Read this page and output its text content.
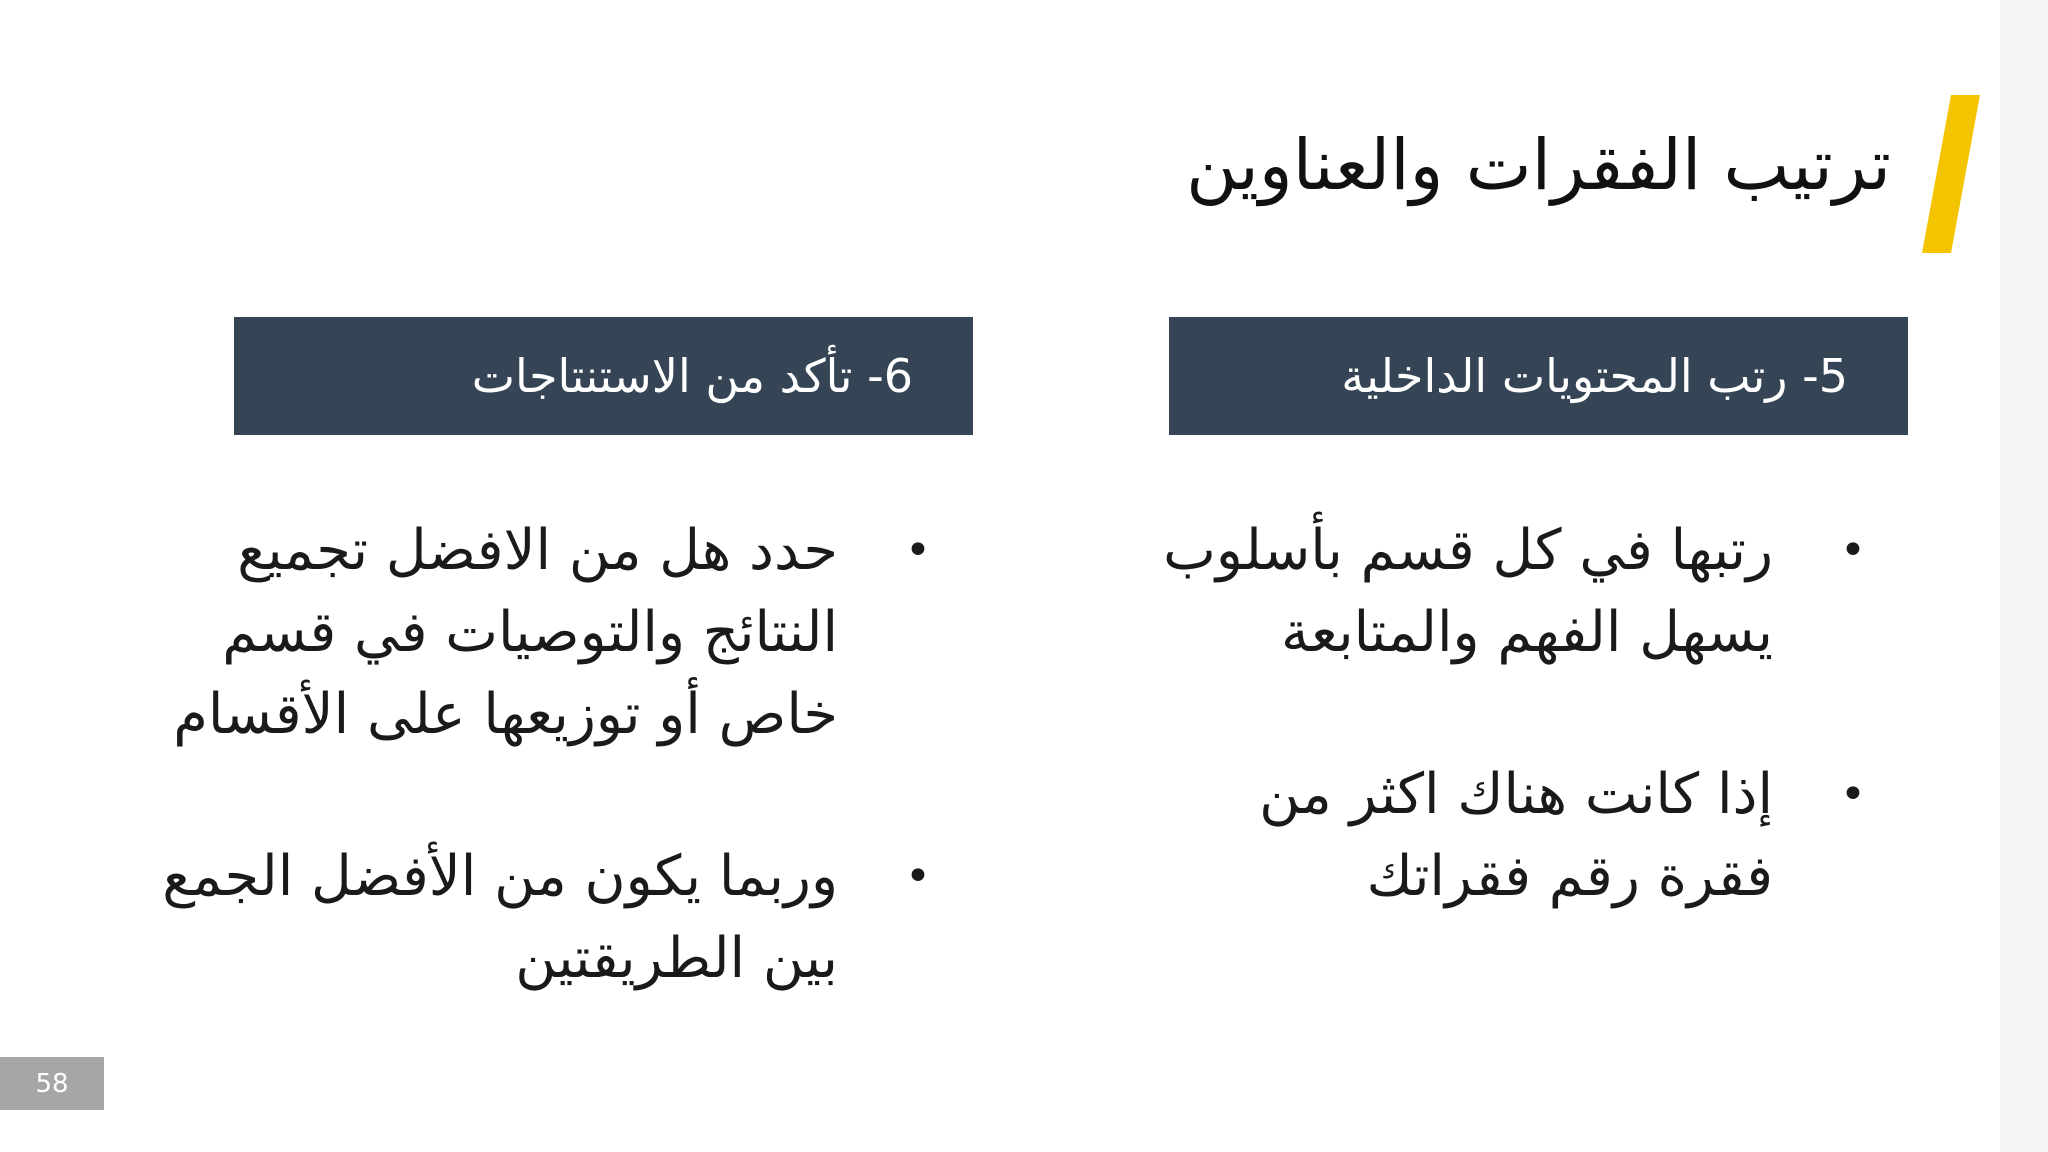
ترتيب الفقرات والعناوين
5- رتب المحتويات الداخلية
6- تأكد من الاستنتاجات
•
رتبها في كل قسم بأسلوب يسهل الفهم والمتابعة
•
إذا كانت هناك اكثر من فقرة رقم فقراتك
•
حدد هل من الافضل تجميع النتائج والتوصيات في قسم خاص أو توزيعها على الأقسام
•
وربما يكون من الأفضل الجمع بين الطريقتين
58
